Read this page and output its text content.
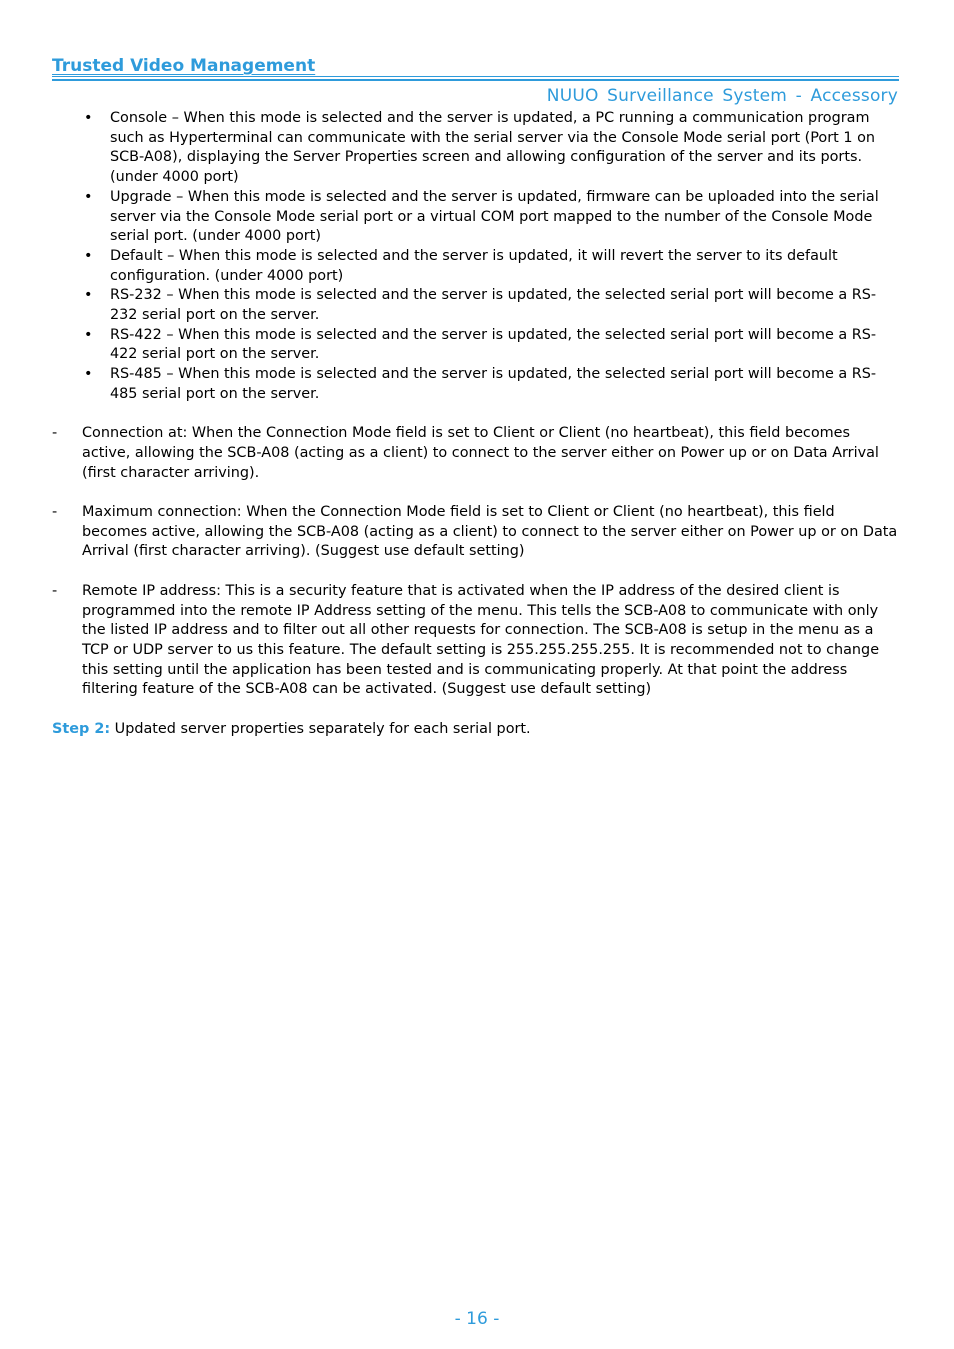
Trusted Video Management
NUUO Surveillance System - Accessory
• Console – When this mode is selected and the server is updated, a PC running a communication program such as Hyperterminal can communicate with the serial server via the Console Mode serial port (Port 1 on SCB-A08), displaying the Server Properties screen and allowing configuration of the server and its ports. (under 4000 port)
• Upgrade – When this mode is selected and the server is updated, firmware can be uploaded into the serial server via the Console Mode serial port or a virtual COM port mapped to the number of the Console Mode serial port. (under 4000 port)
• Default – When this mode is selected and the server is updated, it will revert the server to its default configuration. (under 4000 port)
• RS-232 – When this mode is selected and the server is updated, the selected serial port will become a RS-232 serial port on the server.
• RS-422 – When this mode is selected and the server is updated, the selected serial port will become a RS-422 serial port on the server.
• RS-485 – When this mode is selected and the server is updated, the selected serial port will become a RS-485 serial port on the server.
- Connection at: When the Connection Mode field is set to Client or Client (no heartbeat), this field becomes active, allowing the SCB-A08 (acting as a client) to connect to the server either on Power up or on Data Arrival (first character arriving).
- Maximum connection: When the Connection Mode field is set to Client or Client (no heartbeat), this field becomes active, allowing the SCB-A08 (acting as a client) to connect to the server either on Power up or on Data Arrival (first character arriving). (Suggest use default setting)
- Remote IP address: This is a security feature that is activated when the IP address of the desired client is programmed into the remote IP Address setting of the menu. This tells the SCB-A08 to communicate with only the listed IP address and to filter out all other requests for connection. The SCB-A08 is setup in the menu as a TCP or UDP server to us this feature. The default setting is 255.255.255.255. It is recommended not to change this setting until the application has been tested and is communicating properly. At that point the address filtering feature of the SCB-A08 can be activated. (Suggest use default setting)
Step 2: Updated server properties separately for each serial port.
- 16 -
